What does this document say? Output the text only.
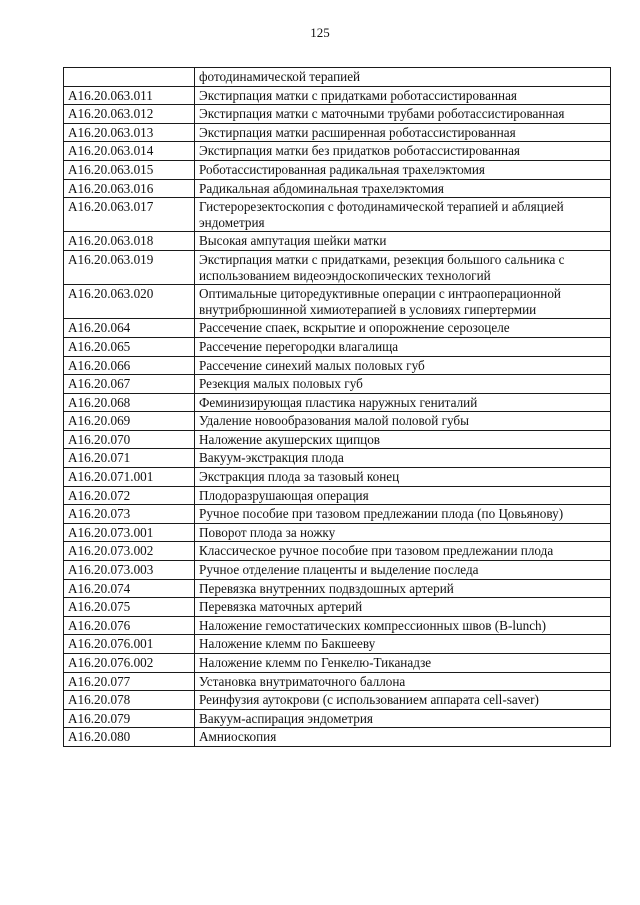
125
	фотодинамической терапией
A16.20.063.011	Экстирпация матки с придатками роботассистированная
A16.20.063.012	Экстирпация матки с маточными трубами роботассистированная
A16.20.063.013	Экстирпация матки расширенная роботассистированная
A16.20.063.014	Экстирпация матки без придатков роботассистированная
A16.20.063.015	Роботассистированная радикальная трахелэктомия
A16.20.063.016	Радикальная абдоминальная трахелэктомия
A16.20.063.017	Гистерорезектоскопия с фотодинамической терапией и абляцией эндометрия
A16.20.063.018	Высокая ампутация шейки матки
A16.20.063.019	Экстирпация матки с придатками, резекция большого сальника с использованием видеоэндоскопических технологий
A16.20.063.020	Оптимальные циторедуктивные операции с интраоперационной внутрибрюшинной химиотерапией в условиях гипертермии
A16.20.064	Рассечение спаек, вскрытие и опорожнение серозоцеле
A16.20.065	Рассечение перегородки влагалища
A16.20.066	Рассечение синехий малых половых губ
A16.20.067	Резекция малых половых губ
A16.20.068	Феминизирующая пластика наружных гениталий
A16.20.069	Удаление новообразования малой половой губы
A16.20.070	Наложение акушерских щипцов
A16.20.071	Вакуум-экстракция плода
A16.20.071.001	Экстракция плода за тазовый конец
A16.20.072	Плодоразрушающая операция
A16.20.073	Ручное пособие при тазовом предлежании плода (по Цовьянову)
A16.20.073.001	Поворот плода за ножку
A16.20.073.002	Классическое ручное пособие при тазовом предлежании плода
A16.20.073.003	Ручное отделение плаценты и выделение последа
A16.20.074	Перевязка внутренних подвздошных артерий
A16.20.075	Перевязка маточных артерий
A16.20.076	Наложение гемостатических компрессионных швов (B-lunch)
A16.20.076.001	Наложение клемм по Бакшееву
A16.20.076.002	Наложение клемм по Генкелю-Тиканадзе
A16.20.077	Установка внутриматочного баллона
A16.20.078	Реинфузия аутокрови (с использованием аппарата cell-saver)
A16.20.079	Вакуум-аспирация эндометрия
A16.20.080	Амниоскопия
